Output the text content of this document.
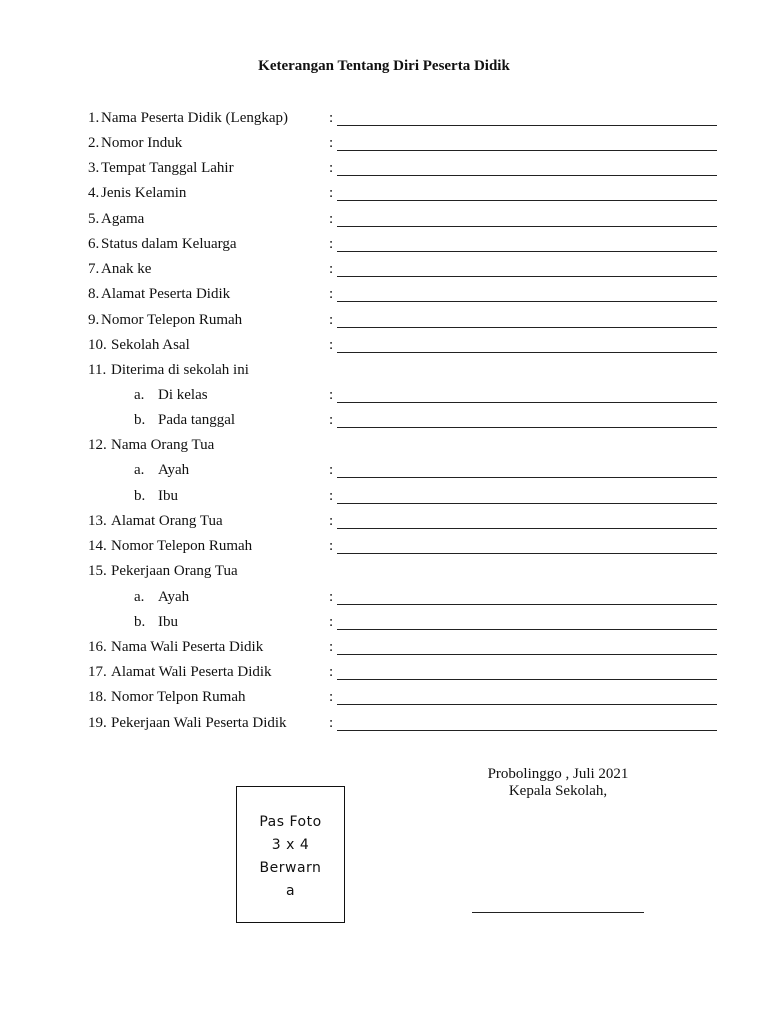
Keterangan Tentang Diri Peserta Didik
1. Nama Peserta Didik (Lengkap)	:
2. Nomor Induk	:
3. Tempat Tanggal Lahir	:
4. Jenis Kelamin	:
5. Agama	:
6. Status dalam Keluarga	:
7. Anak ke	:
8. Alamat Peserta Didik	:
9. Nomor Telepon Rumah	:
10. Sekolah Asal	:
11. Diterima di sekolah ini
a. Di kelas	:
b. Pada tanggal	:
12. Nama Orang Tua
a. Ayah	:
b. Ibu	:
13. Alamat Orang Tua	:
14. Nomor Telepon Rumah	:
15. Pekerjaan Orang Tua
a. Ayah	:
b. Ibu	:
16. Nama Wali Peserta Didik	:
17. Alamat Wali Peserta Didik	:
18. Nomor Telpon Rumah	:
19. Pekerjaan Wali Peserta Didik	:
Probolinggo , Juli 2021
Kepala Sekolah,
Pas Foto
3 x 4
Berwarn
a
